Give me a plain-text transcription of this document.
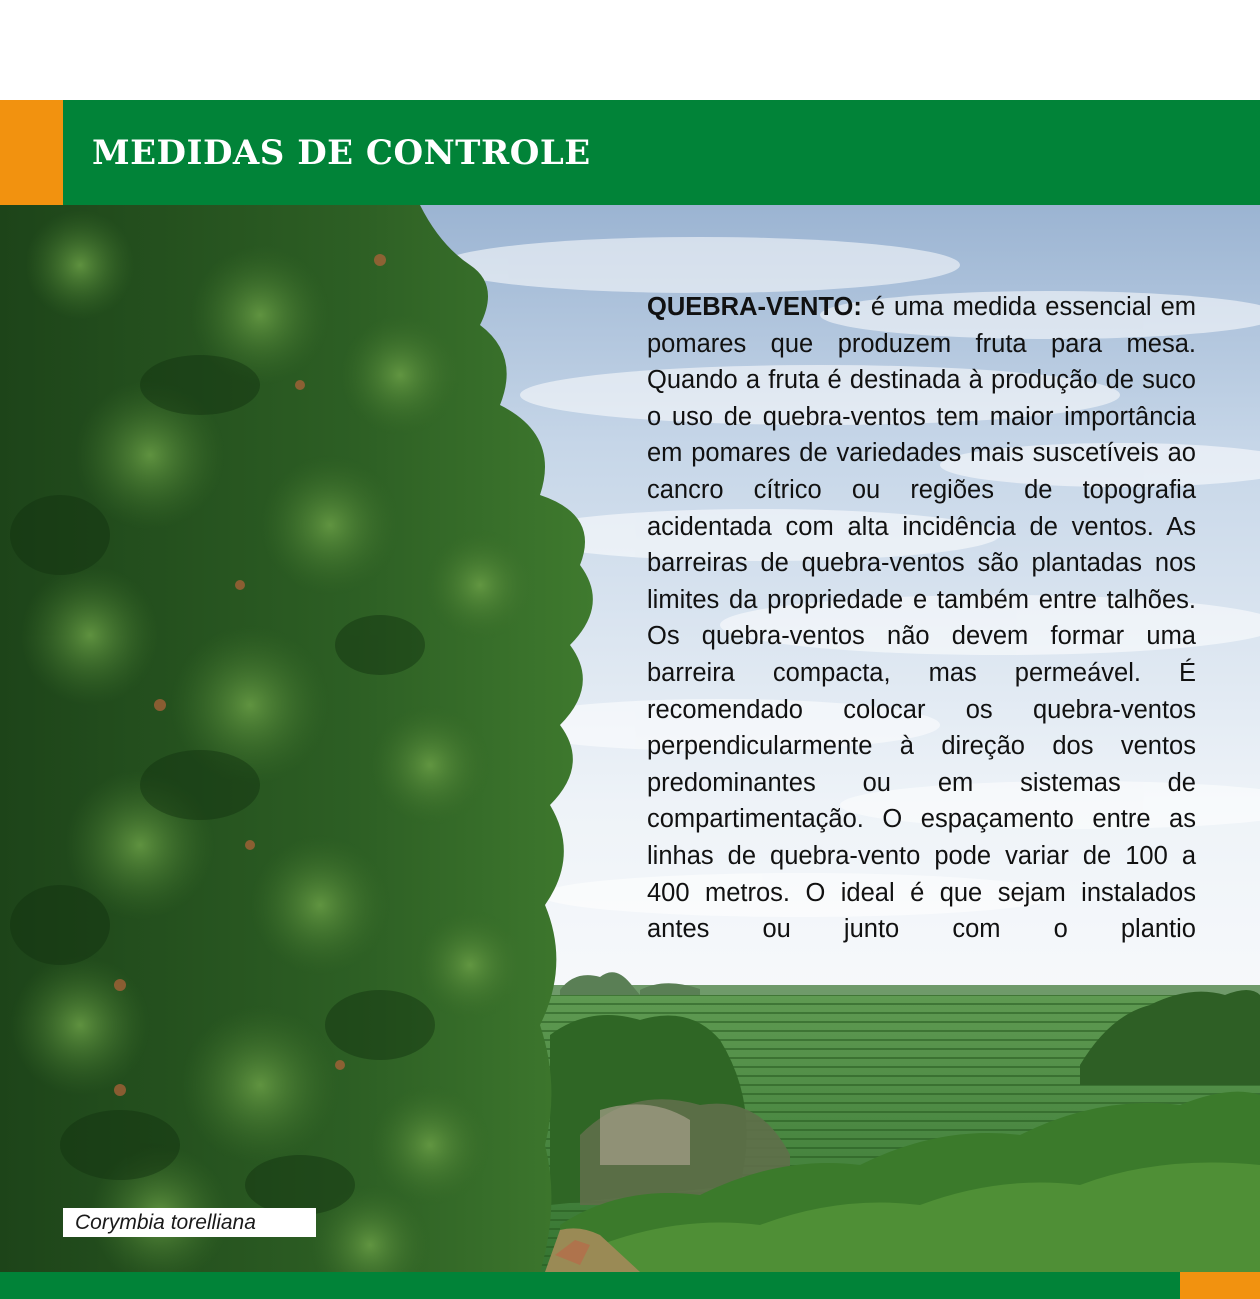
MEDIDAS DE CONTROLE

QUEBRA-VENTO: é uma medida essencial em pomares que produzem fruta para mesa. Quando a fruta é destinada à produção de suco o uso de quebra-ventos tem maior importância em pomares de variedades mais suscetíveis ao cancro cítrico ou regiões de topografia acidentada com alta incidência de ventos. As barreiras de quebra-ventos são plantadas nos limites da propriedade e também entre talhões. Os quebra-ventos não devem formar uma barreira compacta, mas permeável. É recomendado colocar os quebra-ventos perpendicularmente à direção dos ventos predominantes ou em sistemas de compartimentação. O espaçamento entre as linhas de quebra-vento pode variar de 100 a 400 metros. O ideal é que sejam instalados antes ou junto com o plantio

Corymbia torelliana
